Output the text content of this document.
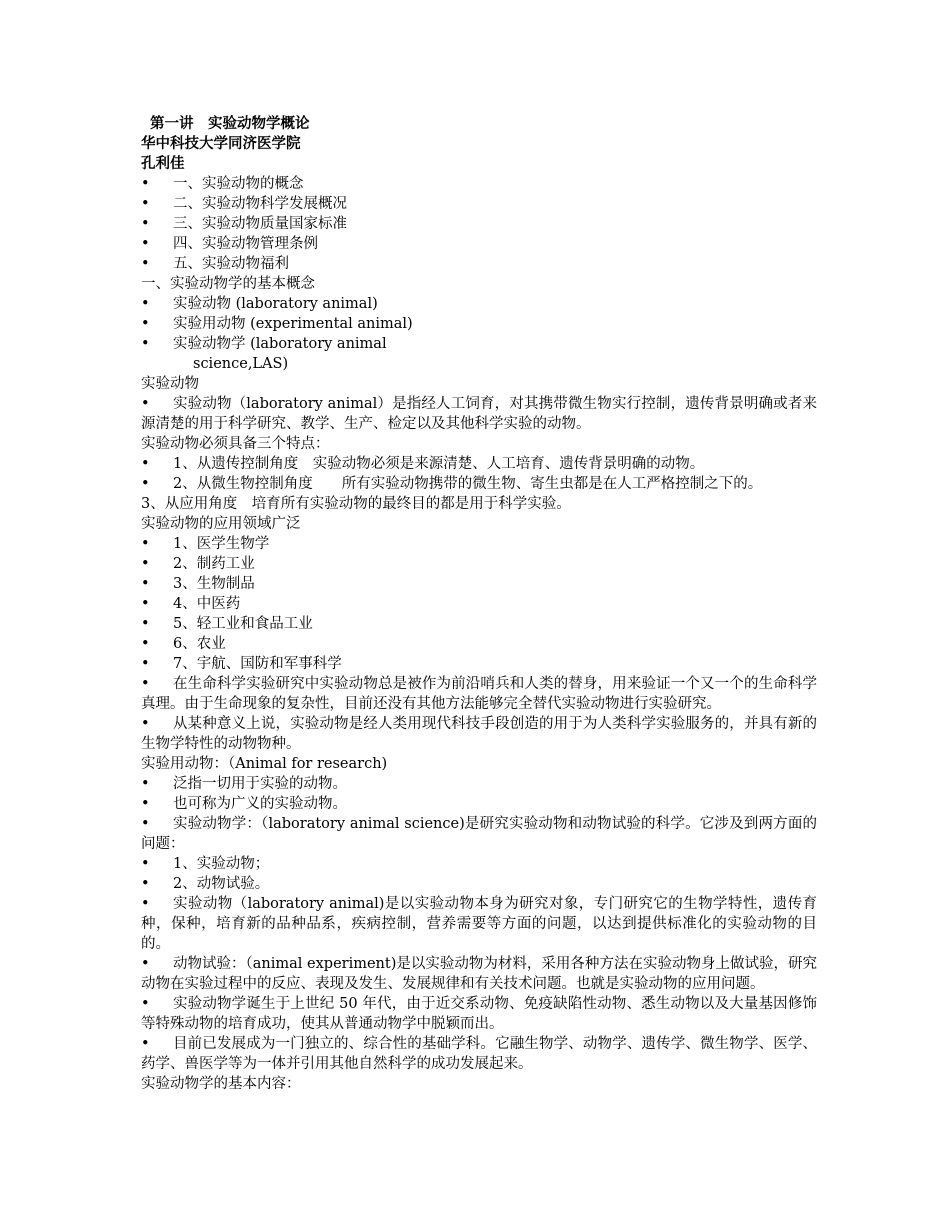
第一讲　实验动物学概论
华中科技大学同济医学院
孔利佳
•	一、实验动物的概念
•	二、实验动物科学发展概况
•	三、实验动物质量国家标准
•	四、实验动物管理条例
•	五、实验动物福利
一、实验动物学的基本概念
•	实验动物 (laboratory animal)
•	实验用动物 (experimental animal)
•	实验动物学 (laboratory animal
science,LAS)
实验动物
• 实验动物（laboratory animal）是指经人工饲育，对其携带微生物实行控制，遗传背景明确或者来源清楚的用于科学研究、教学、生产、检定以及其他科学实验的动物。
实验动物必须具备三个特点：
•	1、从遗传控制角度　实验动物必须是来源清楚、人工培育、遗传背景明确的动物。
•	2、从微生物控制角度　　所有实验动物携带的微生物、寄生虫都是在人工严格控制之下的。
3、从应用角度　培育所有实验动物的最终目的都是用于科学实验。
实验动物的应用领域广泛
•	1、医学生物学
•	2、制药工业
•	3、生物制品
•	4、中医药
•	5、轻工业和食品工业
•	6、农业
•	7、宇航、国防和军事科学
• 在生命科学实验研究中实验动物总是被作为前沿哨兵和人类的替身，用来验证一个又一个的生命科学真理。由于生命现象的复杂性，目前还没有其他方法能够完全替代实验动物进行实验研究。
• 从某种意义上说，实验动物是经人类用现代科技手段创造的用于为人类科学实验服务的，并具有新的生物学特性的动物物种。
实验用动物：（Animal for research)
•	泛指一切用于实验的动物。
•	也可称为广义的实验动物。
• 实验动物学：（laboratory animal science)是研究实验动物和动物试验的科学。它涉及到两方面的问题：
•	1、实验动物；
•	2、动物试验。
• 实验动物（laboratory animal)是以实验动物本身为研究对象，专门研究它的生物学特性，遗传育种，保种，培育新的品种品系，疾病控制，营养需要等方面的问题，以达到提供标准化的实验动物的目的。
• 动物试验：（animal experiment)是以实验动物为材料，采用各种方法在实验动物身上做试验，研究动物在实验过程中的反应、表现及发生、发展规律和有关技术问题。也就是实验动物的应用问题。
• 实验动物学诞生于上世纪 50 年代，由于近交系动物、免疫缺陷性动物、悉生动物以及大量基因修饰等特殊动物的培育成功，使其从普通动物学中脱颖而出。
• 目前已发展成为一门独立的、综合性的基础学科。它融生物学、动物学、遗传学、微生物学、医学、药学、兽医学等为一体并引用其他自然科学的成功发展起来。
实验动物学的基本内容：
